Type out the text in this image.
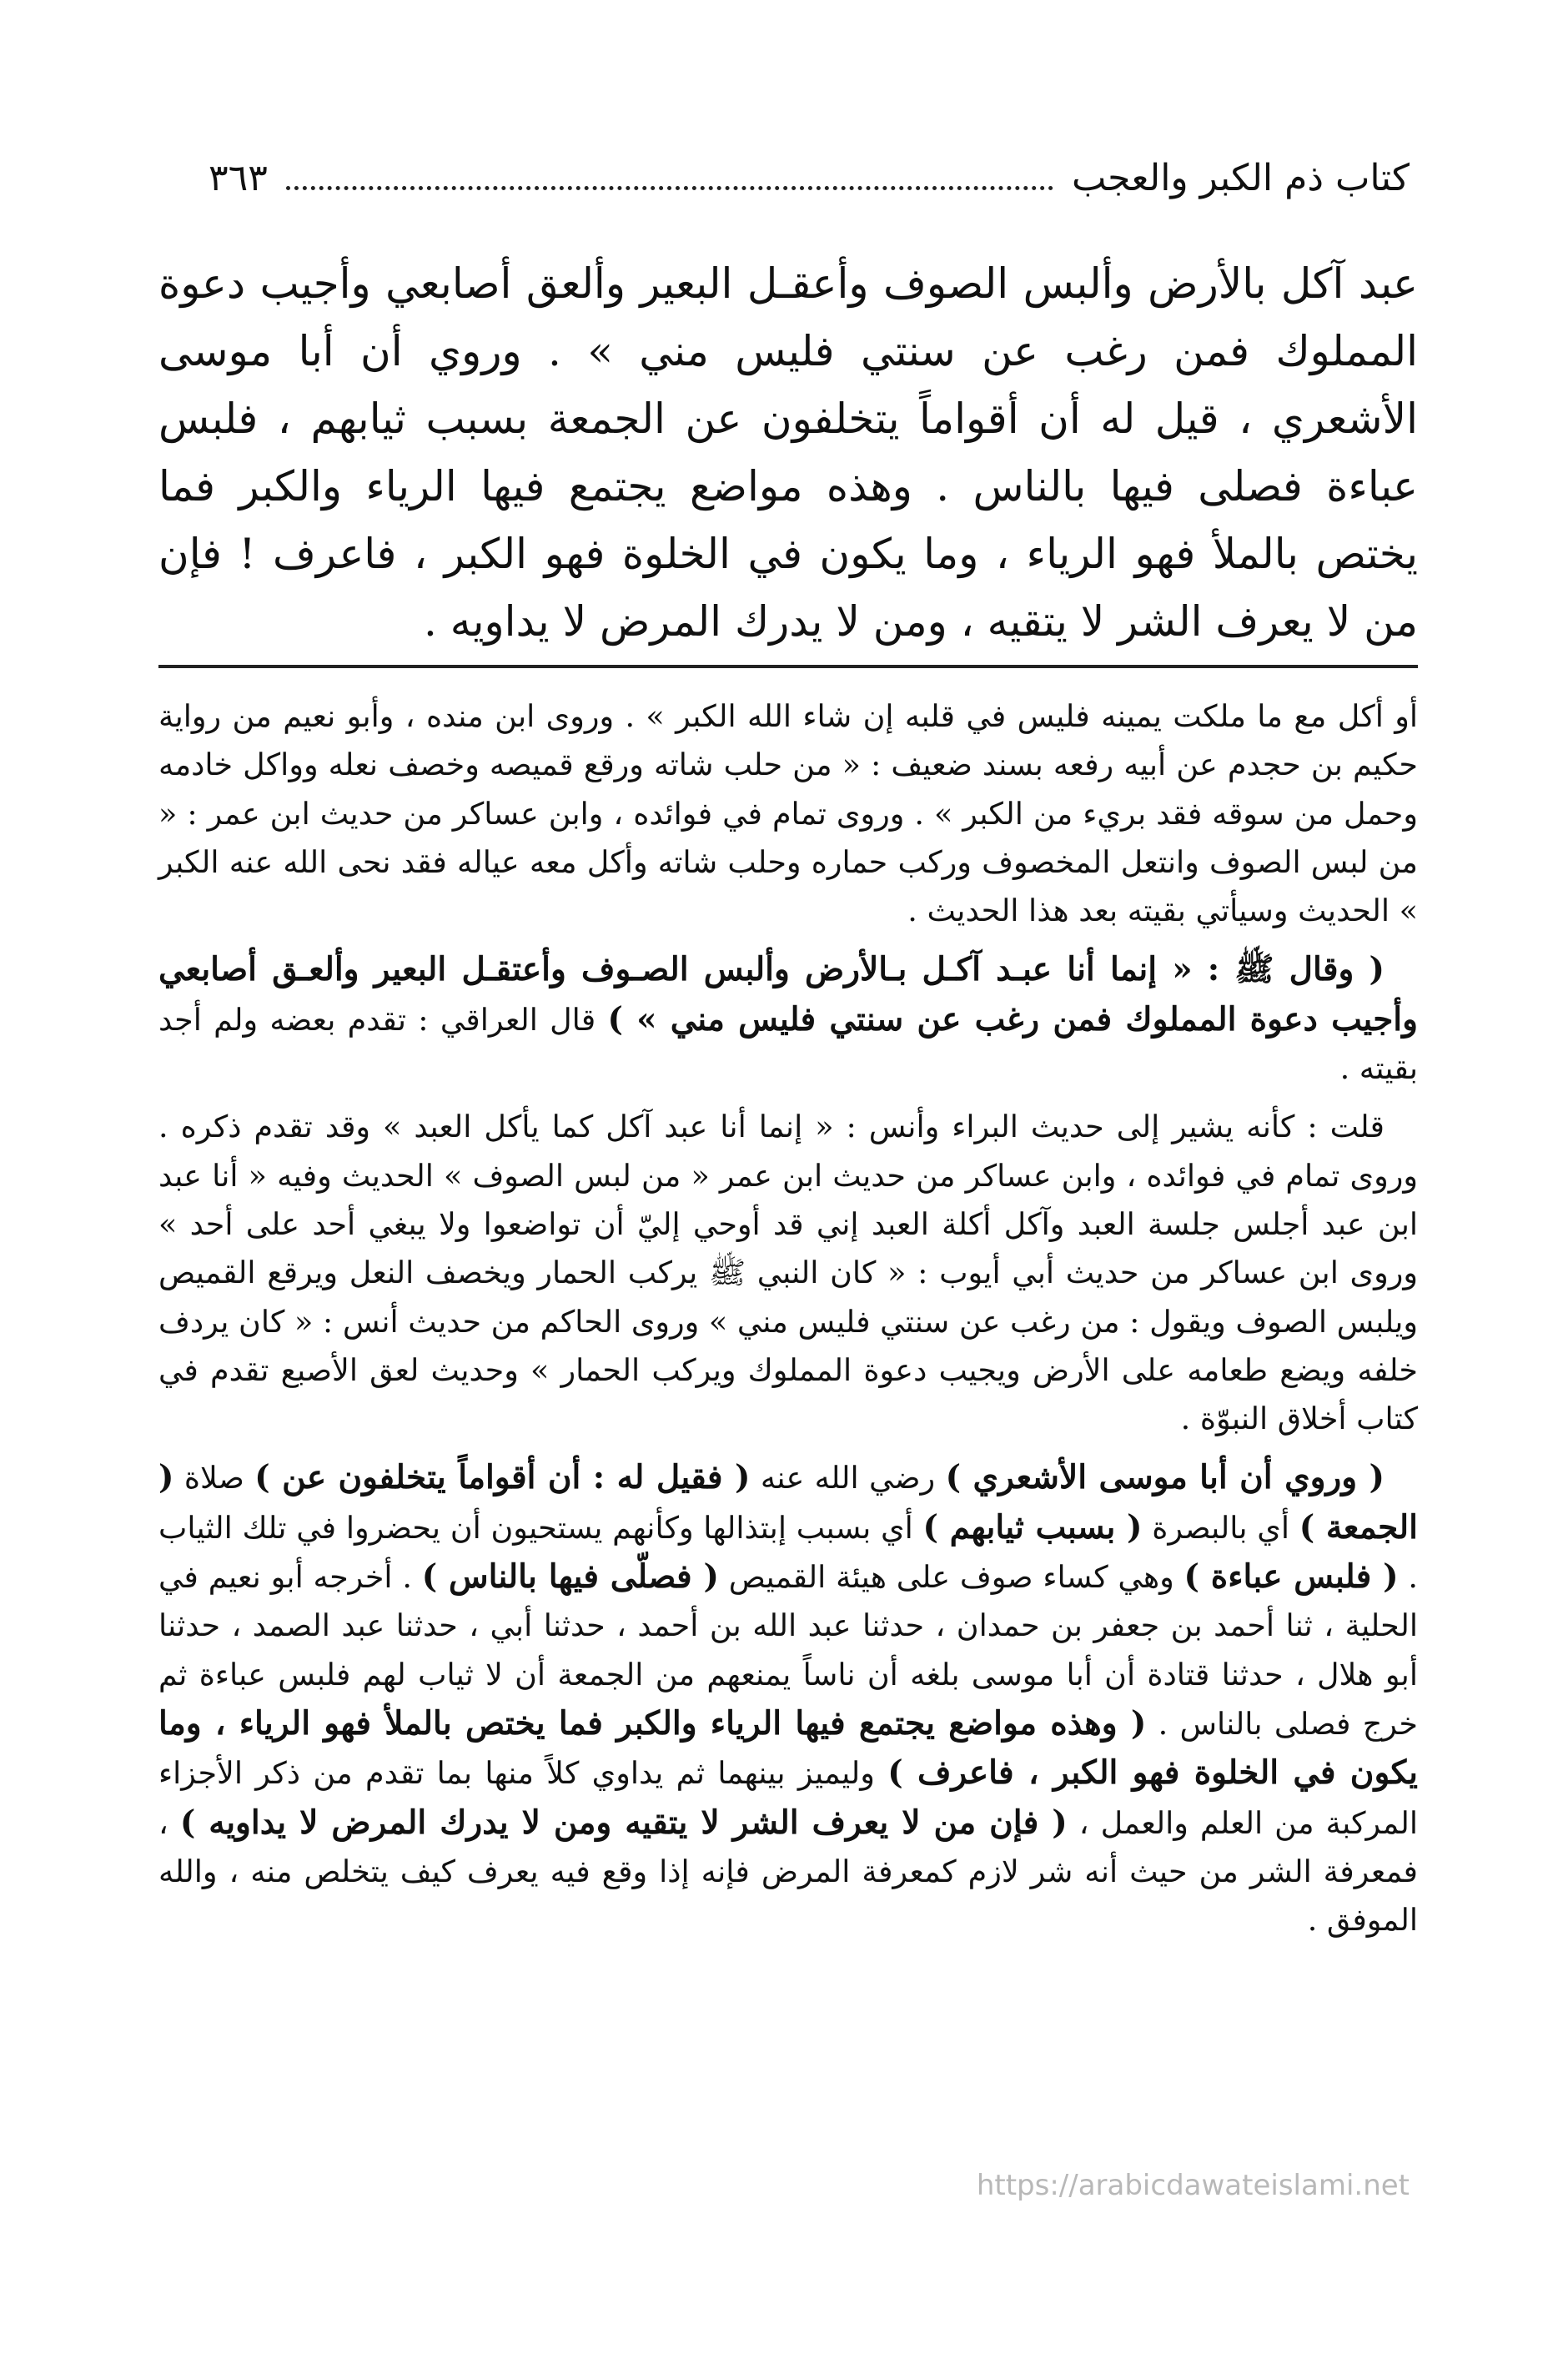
كتاب ذم الكبر والعجب
٣٦٣

عبد آكل بالأرض وألبس الصوف وأعقـل البعير وألعق أصابعي وأجيب دعوة المملوك فمن رغب عن سنتي فليس مني » . وروي أن أبا موسى الأشعري ، قيل له أن أقواماً يتخلفون عن الجمعة بسبب ثيابهم ، فلبس عباءة فصلى فيها بالناس . وهذه مواضع يجتمع فيها الرياء والكبر فما يختص بالملأ فهو الرياء ، وما يكون في الخلوة فهو الكبر ، فاعرف ! فإن من لا يعرف الشر لا يتقيه ، ومن لا يدرك المرض لا يداويه .

أو أكل مع ما ملكت يمينه فليس في قلبه إن شاء الله الكبر » . وروى ابن منده ، وأبو نعيم من رواية حكيم بن حجدم عن أبيه رفعه بسند ضعيف : « من حلب شاته ورقع قميصه وخصف نعله وواكل خادمه وحمل من سوقه فقد بريء من الكبر » . وروى تمام في فوائده ، وابن عساكر من حديث ابن عمر : « من لبس الصوف وانتعل المخصوف وركب حماره وحلب شاته وأكل معه عياله فقد نحى الله عنه الكبر » الحديث وسيأتي بقيته بعد هذا الحديث .

( وقال ﷺ : « إنما أنا عبـد آكـل بـالأرض وألبس الصـوف وأعتقـل البعير وألعـق أصابعي وأجيب دعوة المملوك فمن رغب عن سنتي فليس مني » ) قال العراقي : تقدم بعضه ولم أجد بقيته .

قلت : كأنه يشير إلى حديث البراء وأنس : « إنما أنا عبد آكل كما يأكل العبد » وقد تقدم ذكره . وروى تمام في فوائده ، وابن عساكر من حديث ابن عمر « من لبس الصوف » الحديث وفيه « أنا عبد ابن عبد أجلس جلسة العبد وآكل أكلة العبد إني قد أوحي إليّ أن تواضعوا ولا يبغي أحد على أحد » وروى ابن عساكر من حديث أبي أيوب : « كان النبي ﷺ يركب الحمار ويخصف النعل ويرقع القميص ويلبس الصوف ويقول : من رغب عن سنتي فليس مني » وروى الحاكم من حديث أنس : « كان يردف خلفه ويضع طعامه على الأرض ويجيب دعوة المملوك ويركب الحمار » وحديث لعق الأصبع تقدم في كتاب أخلاق النبوّة .

( وروي أن أبا موسى الأشعري ) رضي الله عنه ( فقيل له : أن أقواماً يتخلفون عن ) صلاة ( الجمعة ) أي بالبصرة ( بسبب ثيابهم ) أي بسبب إبتذالها وكأنهم يستحيون أن يحضروا في تلك الثياب . ( فلبس عباءة ) وهي كساء صوف على هيئة القميص ( فصلّى فيها بالناس ) . أخرجه أبو نعيم في الحلية ، ثنا أحمد بن جعفر بن حمدان ، حدثنا عبد الله بن أحمد ، حدثنا أبي ، حدثنا عبد الصمد ، حدثنا أبو هلال ، حدثنا قتادة أن أبا موسى بلغه أن ناساً يمنعهم من الجمعة أن لا ثياب لهم فلبس عباءة ثم خرج فصلى بالناس . ( وهذه مواضع يجتمع فيها الرياء والكبر فما يختص بالملأ فهو الرياء ، وما يكون في الخلوة فهو الكبر ، فاعرف ) وليميز بينهما ثم يداوي كلاً منها بما تقدم من ذكر الأجزاء المركبة من العلم والعمل ، ( فإن من لا يعرف الشر لا يتقيه ومن لا يدرك المرض لا يداويه ) ، فمعرفة الشر من حيث أنه شر لازم كمعرفة المرض فإنه إذا وقع فيه يعرف كيف يتخلص منه ، والله الموفق .

https://arabicdawateislami.net
